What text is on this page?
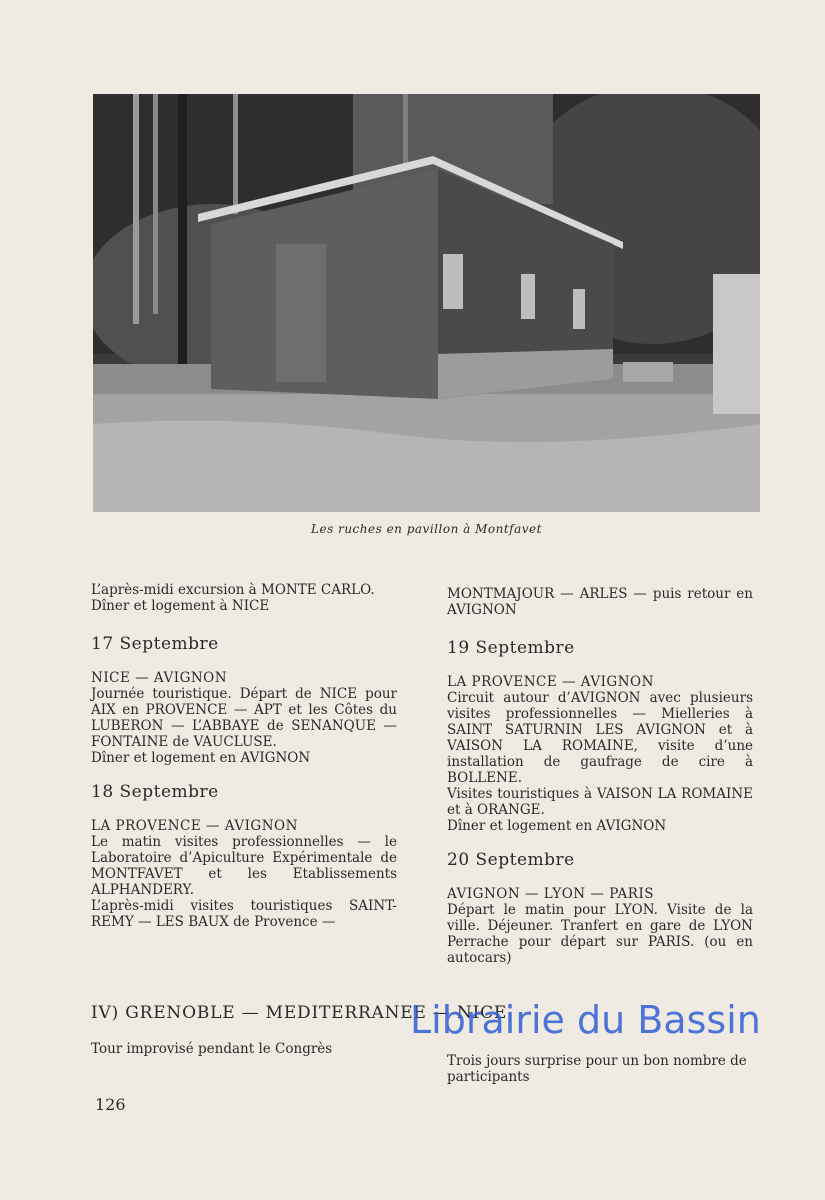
Les ruches en pavillon à Montfavet

L’après-midi excursion à MONTE CARLO.

Dîner et logement à NICE

17 Septembre

NICE — AVIGNON

Journée touristique. Départ de NICE pour AIX en PROVENCE — APT et les Côtes du LUBERON — L’ABBAYE de SENANQUE — FONTAINE de VAUCLUSE.

Dîner et logement en AVIGNON

18 Septembre

LA PROVENCE — AVIGNON

Le matin visites professionnelles — le Laboratoire d’Apiculture Expérimentale de MONTFAVET et les Etablissements ALPHANDERY.

L’après-midi visites touristiques SAINT-REMY — LES BAUX de Provence —

MONTMAJOUR — ARLES — puis retour en AVIGNON

19 Septembre

LA PROVENCE — AVIGNON

Circuit autour d’AVIGNON avec plusieurs visites professionnelles — Mielleries à SAINT SATURNIN LES AVIGNON et à VAISON LA ROMAINE, visite d’une installation de gaufrage de cire à BOLLENE.

Visites touristiques à VAISON LA ROMAINE et à ORANGE.

Dîner et logement en AVIGNON

20 Septembre

AVIGNON — LYON — PARIS

Départ le matin pour LYON. Visite de la ville. Déjeuner. Tranfert en gare de LYON Perrache pour départ sur PARIS. (ou en autocars)

IV) GRENOBLE — MEDITERRANEE — NICE
Tour improvisé pendant le Congrès
Trois jours surprise pour un bon nombre de participants
126
Librairie du Bassin
